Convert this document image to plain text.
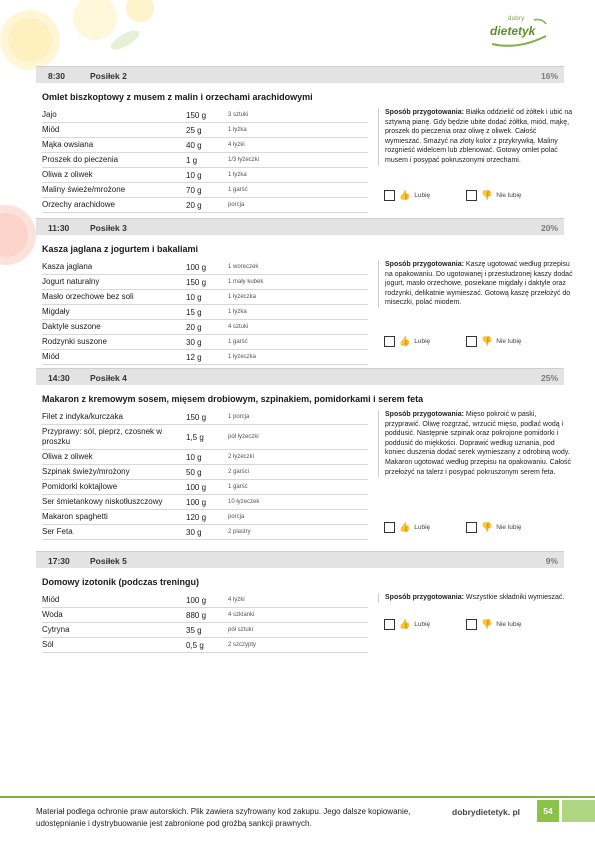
dobry
dietetyk
8:30	Posiłek 2	16%
Omlet biszkoptowy z musem z malin i orzechami arachidowymi
Jajo	150 g	3 sztuki
Miód	25 g	1 łyżka
Mąka owsiana	40 g	4 łyżki
Proszek do pieczenia	1 g	1/3 łyżeczki
Oliwa z oliwek	10 g	1 łyżka
Maliny świeże/mrożone	70 g	1 garść
Orzechy arachidowe	20 g	porcja
Sposób przygotowania: Białka oddzielić od żółtek i ubić na sztywną pianę. Gdy będzie ubite dodać żółtka, miód, mąkę, proszek do pieczenia oraz oliwę z oliwek. Całość wymieszać. Smażyć na złoty kolor z przykrywką. Maliny rozgnieść widelcem lub zblenować. Gotowy omlet polać musem i posypać pokruszonymi orzechami.
👍 Lubię	👎 Nie lubię
11:30 Posiłek 3	20%
Kasza jaglana z jogurtem i bakaliami
Kasza jaglana	100 g	1 woreczek
Jogurt naturalny	150 g	1 mały kubek
Masło orzechowe bez soli	10 g	1 łyżeczka
Migdały	15 g	1 łyżka
Daktyle suszone	20 g	4 sztuki
Rodzynki suszone	30 g	1 garść
Miód	12 g	1 łyżeczka
Sposób przygotowania: Kaszę ugotować według przepisu na opakowaniu. Do ugotowanej i przestudzonej kaszy dodać jogurt, masło orzechowe, posiekane migdały i daktyle oraz rodzynki, delikatnie wymieszać. Gotową kaszę przełożyć do miseczki, polać miodem.
👍 Lubię	👎 Nie lubię
14:30 Posiłek 4	25%
Makaron z kremowym sosem, mięsem drobiowym, szpinakiem, pomidorkami i serem feta
Filet z indyka/kurczaka	150 g	1 porcja
Przyprawy: sól, pieprz, czosnek w proszku	1,5 g	pół łyżeczki
Oliwa z oliwek	10 g	2 łyżeczki
Szpinak świeży/mrożony	50 g	2 garści
Pomidorki koktajlowe	100 g	1 garść
Ser śmietankowy niskotłuszczowy	100 g	10 łyżeczek
Makaron spaghetti	120 g	porcja
Ser Feta	30 g	2 plastry
Sposób przygotowania: Mięso pokroić w paski, przyprawić. Oliwę rozgrzać, wrzucić mięso, podlać wodą i poddusić. Następnie szpinak oraz pokrojone pomidorki i poddusić do miękkości. Doprawić według uznania, pod koniec duszenia dodać serek wymieszany z odrobiną wody. Makaron ugotować według przepisu na opakowaniu. Całość przełożyć na talerz i posypać pokruszonym serem feta.
👍 Lubię	👎 Nie lubię
17:30 Posiłek 5	9%
Domowy izotonik (podczas treningu)
Miód	100 g	4 łyżki
Woda	880 g	4 szklanki
Cytryna	35 g	pół sztuki
Sól	0,5 g	2 szczypty
Sposób przygotowania: Wszystkie składniki wymieszać.
👍 Lubię	👎 Nie lubię
Materiał podlega ochronie praw autorskich. Plik zawiera szyfrowany kod zakupu. Jego dalsze kopiowanie, udostępnianie i dystrybuowanie jest zabronione pod groźbą sankcji prawnych.
dobrydietetyk. pl	54
